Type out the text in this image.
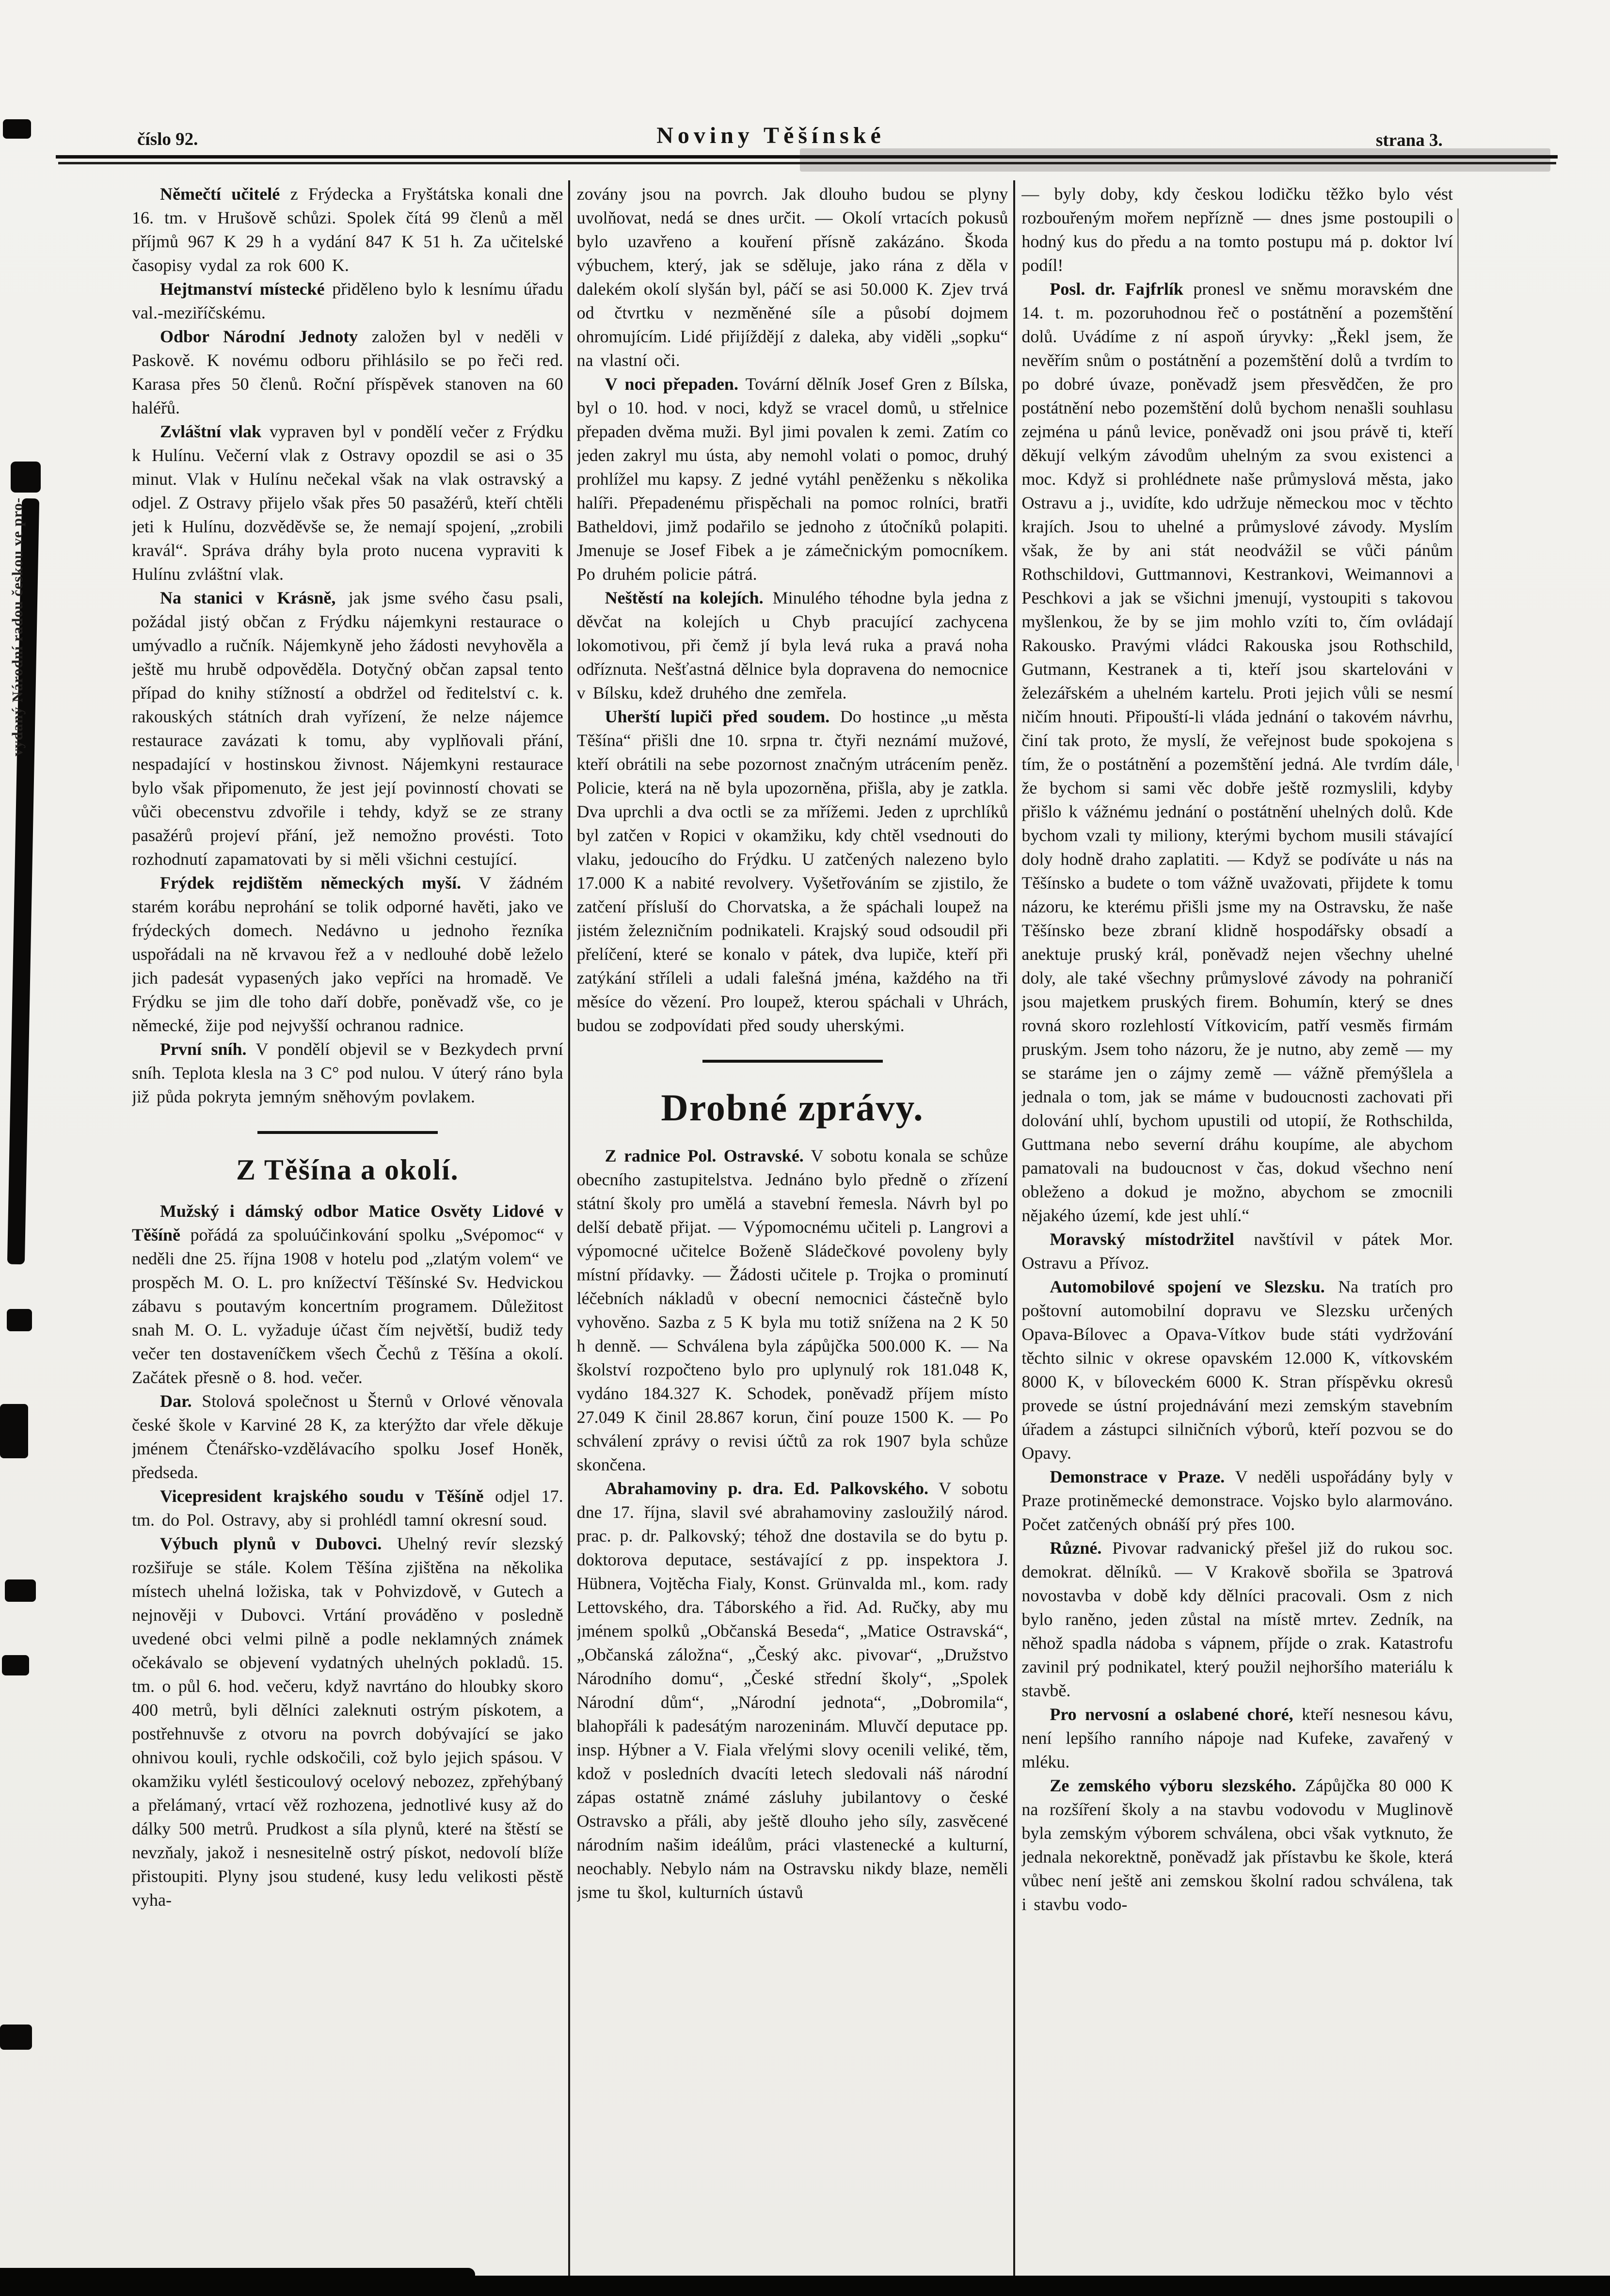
vydaný Národní radou českou ve pro-
číslo 92.	Noviny Těšínské	strana 3.

Němečtí učitelé z Frýdecka a Fryštátska konali dne 16. tm. v Hrušově schůzi. Spolek čítá 99 členů a měl příjmů 967 K 29 h a vydání 847 K 51 h. Za učitelské časopisy vydal za rok 600 K.

Hejtmanství místecké přiděleno bylo k lesnímu úřadu val.-meziříčskému.

Odbor Národní Jednoty založen byl v neděli v Paskově. K novému odboru přihlásilo se po řeči red. Karasa přes 50 členů. Roční příspěvek stanoven na 60 haléřů.

Zvláštní vlak vypraven byl v pondělí večer z Frýdku k Hulínu. Večerní vlak z Ostravy opozdil se asi o 35 minut. Vlak v Hulínu nečekal však na vlak ostravský a odjel. Z Ostravy přijelo však přes 50 pasažérů, kteří chtěli jeti k Hulínu, dozvěděvše se, že nemají spojení, „zrobili kravál“. Správa dráhy byla proto nucena vypraviti k Hulínu zvláštní vlak.

Na stanici v Krásně, jak jsme svého času psali, požádal jistý občan z Frýdku nájemkyni restaurace o umývadlo a ručník. Nájemkyně jeho žádosti nevyhověla a ještě mu hrubě odpověděla. Dotyčný občan zapsal tento případ do knihy stížností a obdržel od ředitelství c. k. rakouských státních drah vyřízení, že nelze nájemce restaurace zavázati k tomu, aby vyplňovali přání, nespadající v hostinskou živnost. Nájemkyni restaurace bylo však připomenuto, že jest její povinností chovati se vůči obecenstvu zdvořile i tehdy, když se ze strany pasažérů projeví přání, jež nemožno provésti. Toto rozhodnutí zapamatovati by si měli všichni cestující.

Frýdek rejdištěm německých myší. V žádném starém korábu neprohání se tolik odporné havěti, jako ve frýdeckých domech. Nedávno u jednoho řezníka uspořádali na ně krvavou řež a v nedlouhé době leželo jich padesát vypasených jako vepříci na hromadě. Ve Frýdku se jim dle toho daří dobře, poněvadž vše, co je německé, žije pod nejvyšší ochranou radnice.

První sníh. V pondělí objevil se v Bezkydech první sníh. Teplota klesla na 3 C° pod nulou. V úterý ráno byla již půda pokryta jemným sněhovým povlakem.

Z Těšína a okolí.

Mužský i dámský odbor Matice Osvěty Lidové v Těšíně pořádá za spoluúčinkování spolku „Svépomoc“ v neděli dne 25. října 1908 v hotelu pod „zlatým volem“ ve prospěch M. O. L. pro knížectví Těšínské Sv. Hedvickou zábavu s poutavým koncertním programem. Důležitost snah M. O. L. vyžaduje účast čím největší, budiž tedy večer ten dostaveníčkem všech Čechů z Těšína a okolí. Začátek přesně o 8. hod. večer.

Dar. Stolová společnost u Šternů v Orlové věnovala české škole v Karviné 28 K, za kterýžto dar vřele děkuje jménem Čtenářsko-vzdělávacího spolku Josef Honěk, předseda.

Vicepresident krajského soudu v Těšíně odjel 17. tm. do Pol. Ostravy, aby si prohlédl tamní okresní soud.

Výbuch plynů v Dubovci. Uhelný revír slezský rozšiřuje se stále. Kolem Těšína zjištěna na několika místech uhelná ložiska, tak v Pohvizdově, v Gutech a nejnověji v Dubovci. Vrtání prováděno v posledně uvedené obci velmi pilně a podle neklamných známek očekávalo se objevení vydatných uhelných pokladů. 15. tm. o půl 6. hod. večeru, když navrtáno do hloubky skoro 400 metrů, byli dělníci zaleknuti ostrým pískotem, a postřehnuvše z otvoru na povrch dobývající se jako ohnivou kouli, rychle odskočili, což bylo jejich spásou. V okamžiku vylétl šesticoulový ocelový nebozez, zpřehýbaný a přelámaný, vrtací věž rozhozena, jednotlivé kusy až do dálky 500 metrů. Prudkost a síla plynů, které na štěstí se nevzňaly, jakož i nesnesitelně ostrý pískot, nedovolí blíže přistoupiti. Plyny jsou studené, kusy ledu velikosti pěstě vyha-

zovány jsou na povrch. Jak dlouho budou se plyny uvolňovat, nedá se dnes určit. — Okolí vrtacích pokusů bylo uzavřeno a kouření přísně zakázáno. Škoda výbuchem, který, jak se sděluje, jako rána z děla v dalekém okolí slyšán byl, páčí se asi 50.000 K. Zjev trvá od čtvrtku v nezměněné síle a působí dojmem ohromujícím. Lidé přijíždějí z daleka, aby viděli „sopku“ na vlastní oči.

V noci přepaden. Tovární dělník Josef Gren z Bílska, byl o 10. hod. v noci, když se vracel domů, u střelnice přepaden dvěma muži. Byl jimi povalen k zemi. Zatím co jeden zakryl mu ústa, aby nemohl volati o pomoc, druhý prohlížel mu kapsy. Z jedné vytáhl peněženku s několika halíři. Přepadenému přispěchali na pomoc rolníci, bratři Batheldovi, jimž podařilo se jednoho z útočníků polapiti. Jmenuje se Josef Fibek a je zámečnickým pomocníkem. Po druhém policie pátrá.

Neštěstí na kolejích. Minulého téhodne byla jedna z děvčat na kolejích u Chyb pracující zachycena lokomotivou, při čemž jí byla levá ruka a pravá noha odříznuta. Nešťastná dělnice byla dopravena do nemocnice v Bílsku, kdež druhého dne zemřela.

Uherští lupiči před soudem. Do hostince „u města Těšína“ přišli dne 10. srpna tr. čtyři neznámí mužové, kteří obrátili na sebe pozornost značným utrácením peněz. Policie, která na ně byla upozorněna, přišla, aby je zatkla. Dva uprchli a dva octli se za mřížemi. Jeden z uprchlíků byl zatčen v Ropici v okamžiku, kdy chtěl vsednouti do vlaku, jedoucího do Frýdku. U zatčených nalezeno bylo 17.000 K a nabité revolvery. Vyšetřováním se zjistilo, že zatčení přísluší do Chorvatska, a že spáchali loupež na jistém železničním podnikateli. Krajský soud odsoudil při přelíčení, které se konalo v pátek, dva lupiče, kteří při zatýkání stříleli a udali falešná jména, každého na tři měsíce do vězení. Pro loupež, kterou spáchali v Uhrách, budou se zodpovídati před soudy uherskými.

Drobné zprávy.

Z radnice Pol. Ostravské. V sobotu konala se schůze obecního zastupitelstva. Jednáno bylo předně o zřízení státní školy pro umělá a stavební řemesla. Návrh byl po delší debatě přijat. — Výpomocnému učiteli p. Langrovi a výpomocné učitelce Boženě Sládečkové povoleny byly místní přídavky. — Žádosti učitele p. Trojka o prominutí léčebních nákladů v obecní nemocnici částečně bylo vyhověno. Sazba z 5 K byla mu totiž snížena na 2 K 50 h denně. — Schválena byla zápůjčka 500.000 K. — Na školství rozpočteno bylo pro uplynulý rok 181.048 K, vydáno 184.327 K. Schodek, poněvadž příjem místo 27.049 K činil 28.867 korun, činí pouze 1500 K. — Po schválení zprávy o revisi účtů za rok 1907 byla schůze skončena.

Abrahamoviny p. dra. Ed. Palkovského. V sobotu dne 17. října, slavil své abrahamoviny zasloužilý národ. prac. p. dr. Palkovský; téhož dne dostavila se do bytu p. doktorova deputace, sestávající z pp. inspektora J. Hübnera, Vojtěcha Fialy, Konst. Grünvalda ml., kom. rady Lettovského, dra. Táborského a řid. Ad. Ručky, aby mu jménem spolků „Občanská Beseda“, „Matice Ostravská“, „Občanská záložna“, „Český akc. pivovar“, „Družstvo Národního domu“, „České střední školy“, „Spolek Národní dům“, „Národní jednota“, „Dobromila“, blahopřáli k padesátým narozeninám. Mluvčí deputace pp. insp. Hýbner a V. Fiala vřelými slovy ocenili veliké, těm, kdož v posledních dvacíti letech sledovali náš národní zápas ostatně známé zásluhy jubilantovy o české Ostravsko a přáli, aby ještě dlouho jeho síly, zasvěcené národním našim ideálům, práci vlastenecké a kulturní, neochably. Nebylo nám na Ostravsku nikdy blaze, neměli jsme tu škol, kulturních ústavů

— byly doby, kdy českou lodičku těžko bylo vést rozbouřeným mořem nepřízně — dnes jsme postoupili o hodný kus do předu a na tomto postupu má p. doktor lví podíl!

Posl. dr. Fajfrlík pronesl ve sněmu moravském dne 14. t. m. pozoruhodnou řeč o postátnění a pozemštění dolů. Uvádíme z ní aspoň úryvky: „Řekl jsem, že nevěřím snům o postátnění a pozemštění dolů a tvrdím to po dobré úvaze, poněvadž jsem přesvědčen, že pro postátnění nebo pozemštění dolů bychom nenašli souhlasu zejména u pánů levice, poněvadž oni jsou právě ti, kteří děkují velkým závodům uhelným za svou existenci a moc. Když si prohlédnete naše průmyslová města, jako Ostravu a j., uvidíte, kdo udržuje německou moc v těchto krajích. Jsou to uhelné a průmyslové závody. Myslím však, že by ani stát neodvážil se vůči pánům Rothschildovi, Guttmannovi, Kestrankovi, Weimannovi a Peschkovi a jak se všichni jmenují, vystoupiti s takovou myšlenkou, že by se jim mohlo vzíti to, čím ovládají Rakousko. Pravými vládci Rakouska jsou Rothschild, Gutmann, Kestranek a ti, kteří jsou skartelováni v železářském a uhelném kartelu. Proti jejich vůli se nesmí ničím hnouti. Připouští-li vláda jednání o takovém návrhu, činí tak proto, že myslí, že veřejnost bude spokojena s tím, že o postátnění a pozemštění jedná. Ale tvrdím dále, že bychom si sami věc dobře ještě rozmyslili, kdyby přišlo k vážnému jednání o postátnění uhelných dolů. Kde bychom vzali ty miliony, kterými bychom musili stávající doly hodně draho zaplatiti. — Když se podíváte u nás na Těšínsko a budete o tom vážně uvažovati, přijdete k tomu názoru, ke kterému přišli jsme my na Ostravsku, že naše Těšínsko beze zbraní klidně hospodářsky obsadí a anektuje pruský král, poněvadž nejen všechny uhelné doly, ale také všechny průmyslové závody na pohraničí jsou majetkem pruských firem. Bohumín, který se dnes rovná skoro rozlehlostí Vítkovicím, patří vesměs firmám pruským. Jsem toho názoru, že je nutno, aby země — my se staráme jen o zájmy země — vážně přemýšlela a jednala o tom, jak se máme v budoucnosti zachovati při dolování uhlí, bychom upustili od utopií, že Rothschilda, Guttmana nebo severní dráhu koupíme, ale abychom pamatovali na budoucnost v čas, dokud všechno není obleženo a dokud je možno, abychom se zmocnili nějakého území, kde jest uhlí.“

Moravský místodržitel navštívil v pátek Mor. Ostravu a Přívoz.

Automobilové spojení ve Slezsku. Na tratích pro poštovní automobilní dopravu ve Slezsku určených Opava-Bílovec a Opava-Vítkov bude státi vydržování těchto silnic v okrese opavském 12.000 K, vítkovském 8000 K, v bíloveckém 6000 K. Stran příspěvku okresů provede se ústní projednávání mezi zemským stavebním úřadem a zástupci silničních výborů, kteří pozvou se do Opavy.

Demonstrace v Praze. V neděli uspořádány byly v Praze protiněmecké demonstrace. Vojsko bylo alarmováno. Počet zatčených obnáší prý přes 100.

Různé. Pivovar radvanický přešel již do rukou soc. demokrat. dělníků. — V Krakově sbořila se 3patrová novostavba v době kdy dělníci pracovali. Osm z nich bylo raněno, jeden zůstal na místě mrtev. Zedník, na něhož spadla nádoba s vápnem, příjde o zrak. Katastrofu zavinil prý podnikatel, který použil nejhoršího materiálu k stavbě.

Pro nervosní a oslabené choré, kteří nesnesou kávu, není lepšího ranního nápoje nad Kufeke, zavařený v mléku.

Ze zemského výboru slezského. Zápůjčka 80 000 K na rozšíření školy a na stavbu vodovodu v Muglinově byla zemským výborem schválena, obci však vytknuto, že jednala nekorektně, poněvadž jak přístavbu ke škole, která vůbec není ještě ani zemskou školní radou schválena, tak i stavbu vodo-
